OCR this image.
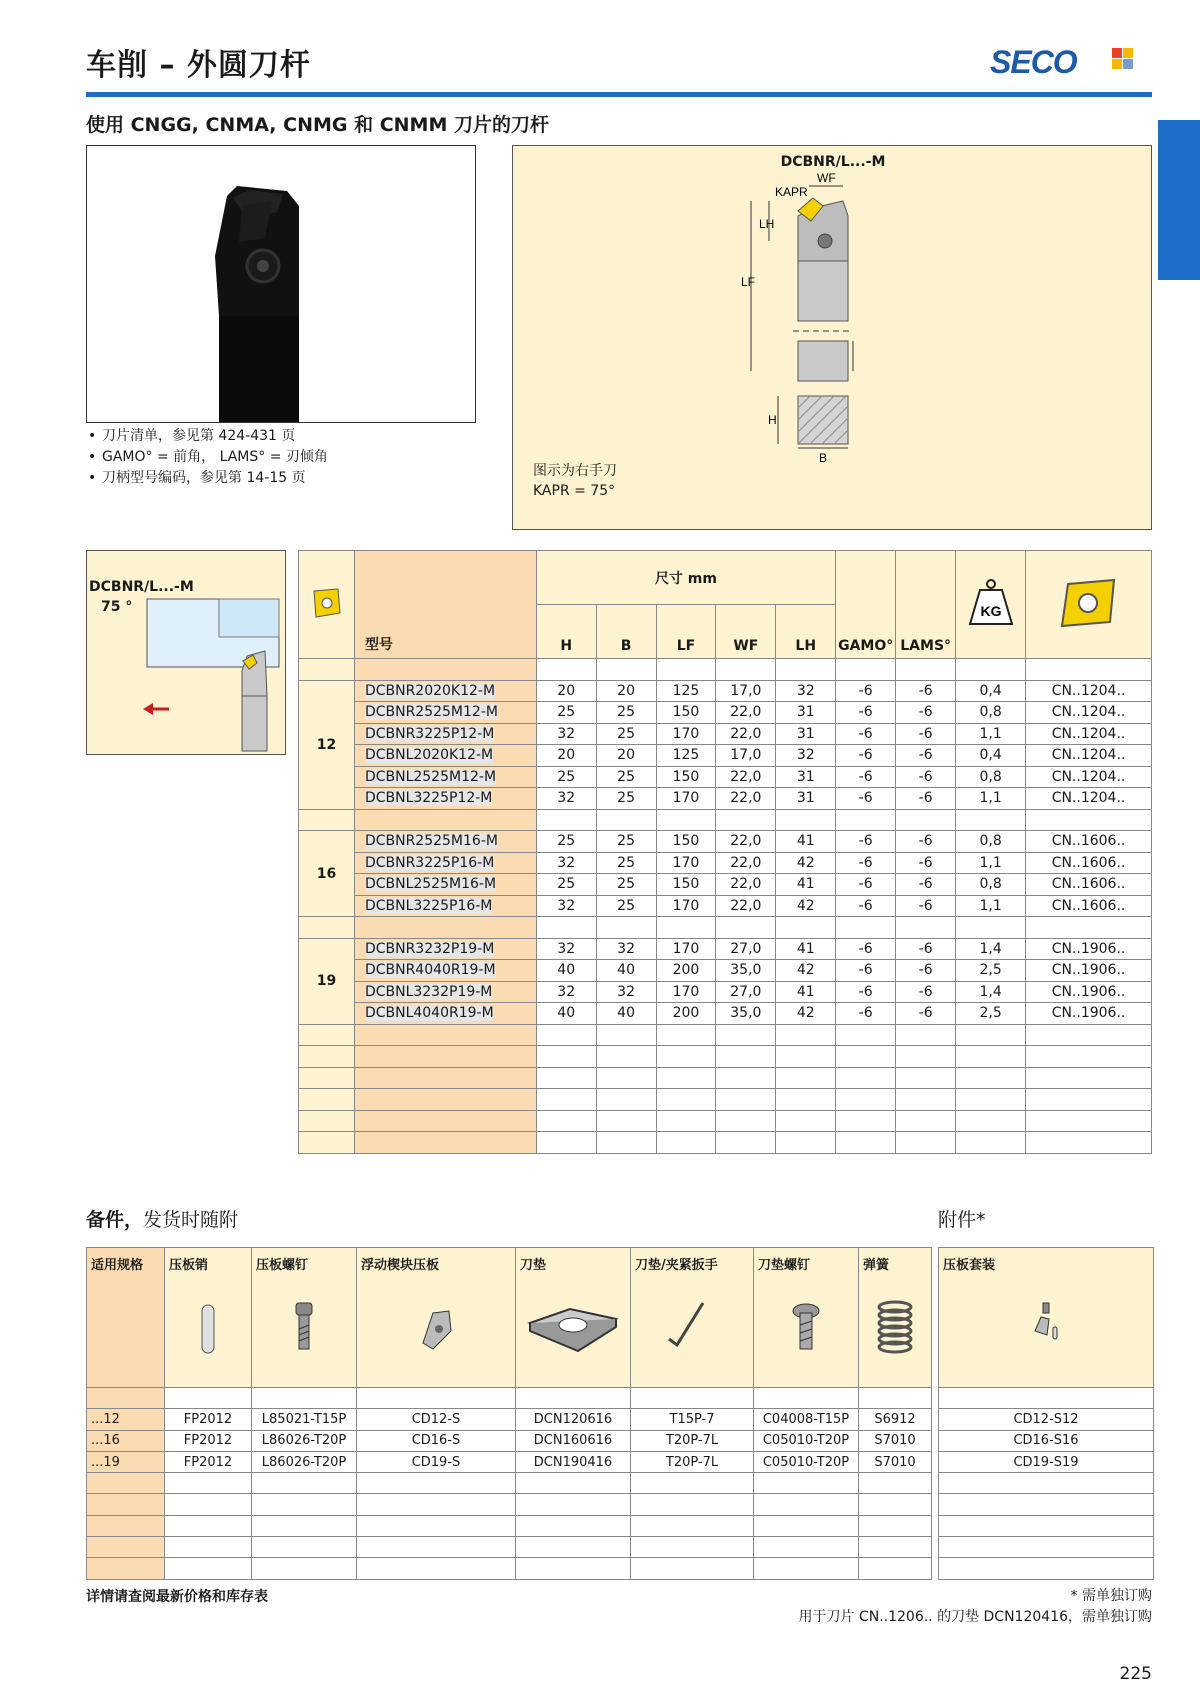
车削 – 外圆刀杆	SECO
使用 CNGG, CNMA, CNMG 和 CNMM 刀片的刀杆
• 刀片清单，参见第 424-431 页
• GAMO° = 前角， LAMS° = 刃倾角
• 刀柄型号编码，参见第 14-15 页
DCBNR/L...-M
KAPR
WF
LH
LF
H
B
图示为右手刀
KAPR = 75°
DCBNR/L...-M
75 °
	型号	尺寸 mm					GAMO°	LAMS°	KG

		H	B	LF	WF	LH				

12	DCBNR2020K12-M	20	20	125	17,0	32	-6	-6	0,4	CN..1204..
	DCBNR2525M12-M	25	25	150	22,0	31	-6	-6	0,8	CN..1204..
	DCBNR3225P12-M	32	25	170	22,0	31	-6	-6	1,1	CN..1204..
	DCBNL2020K12-M	20	20	125	17,0	32	-6	-6	0,4	CN..1204..
	DCBNL2525M12-M	25	25	150	22,0	31	-6	-6	0,8	CN..1204..
	DCBNL3225P12-M	32	25	170	22,0	31	-6	-6	1,1	CN..1204..

16	DCBNR2525M16-M	25	25	150	22,0	41	-6	-6	0,8	CN..1606..
	DCBNR3225P16-M	32	25	170	22,0	42	-6	-6	1,1	CN..1606..
	DCBNL2525M16-M	25	25	150	22,0	41	-6	-6	0,8	CN..1606..
	DCBNL3225P16-M	32	25	170	22,0	42	-6	-6	1,1	CN..1606..

19	DCBNR3232P19-M	32	32	170	27,0	41	-6	-6	1,4	CN..1906..
	DCBNR4040R19-M	40	40	200	35,0	42	-6	-6	2,5	CN..1906..
	DCBNL3232P19-M	32	32	170	27,0	41	-6	-6	1,4	CN..1906..
	DCBNL4040R19-M	40	40	200	35,0	42	-6	-6	2,5	CN..1906..

备件，发货时随附	附件*
适用规格	压板销	压板螺钉	浮动楔块压板	刀垫	刀垫/夹紧扳手	刀垫螺钉	弹簧

...12	FP2012	L85021-T15P	CD12-S	DCN120616	T15P-7	C04008-T15P	S6912
...16	FP2012	L86026-T20P	CD16-S	DCN160616	T20P-7L	C05010-T20P	S7010
...19	FP2012	L86026-T20P	CD19-S	DCN190416	T20P-7L	C05010-T20P	S7010

压板套装

CD12-S12
CD16-S16
CD19-S19

详情请查阅最新价格和库存表	* 需单独订购
用于刀片 CN..1206.. 的刀垫 DCN120416，需单独订购
225
